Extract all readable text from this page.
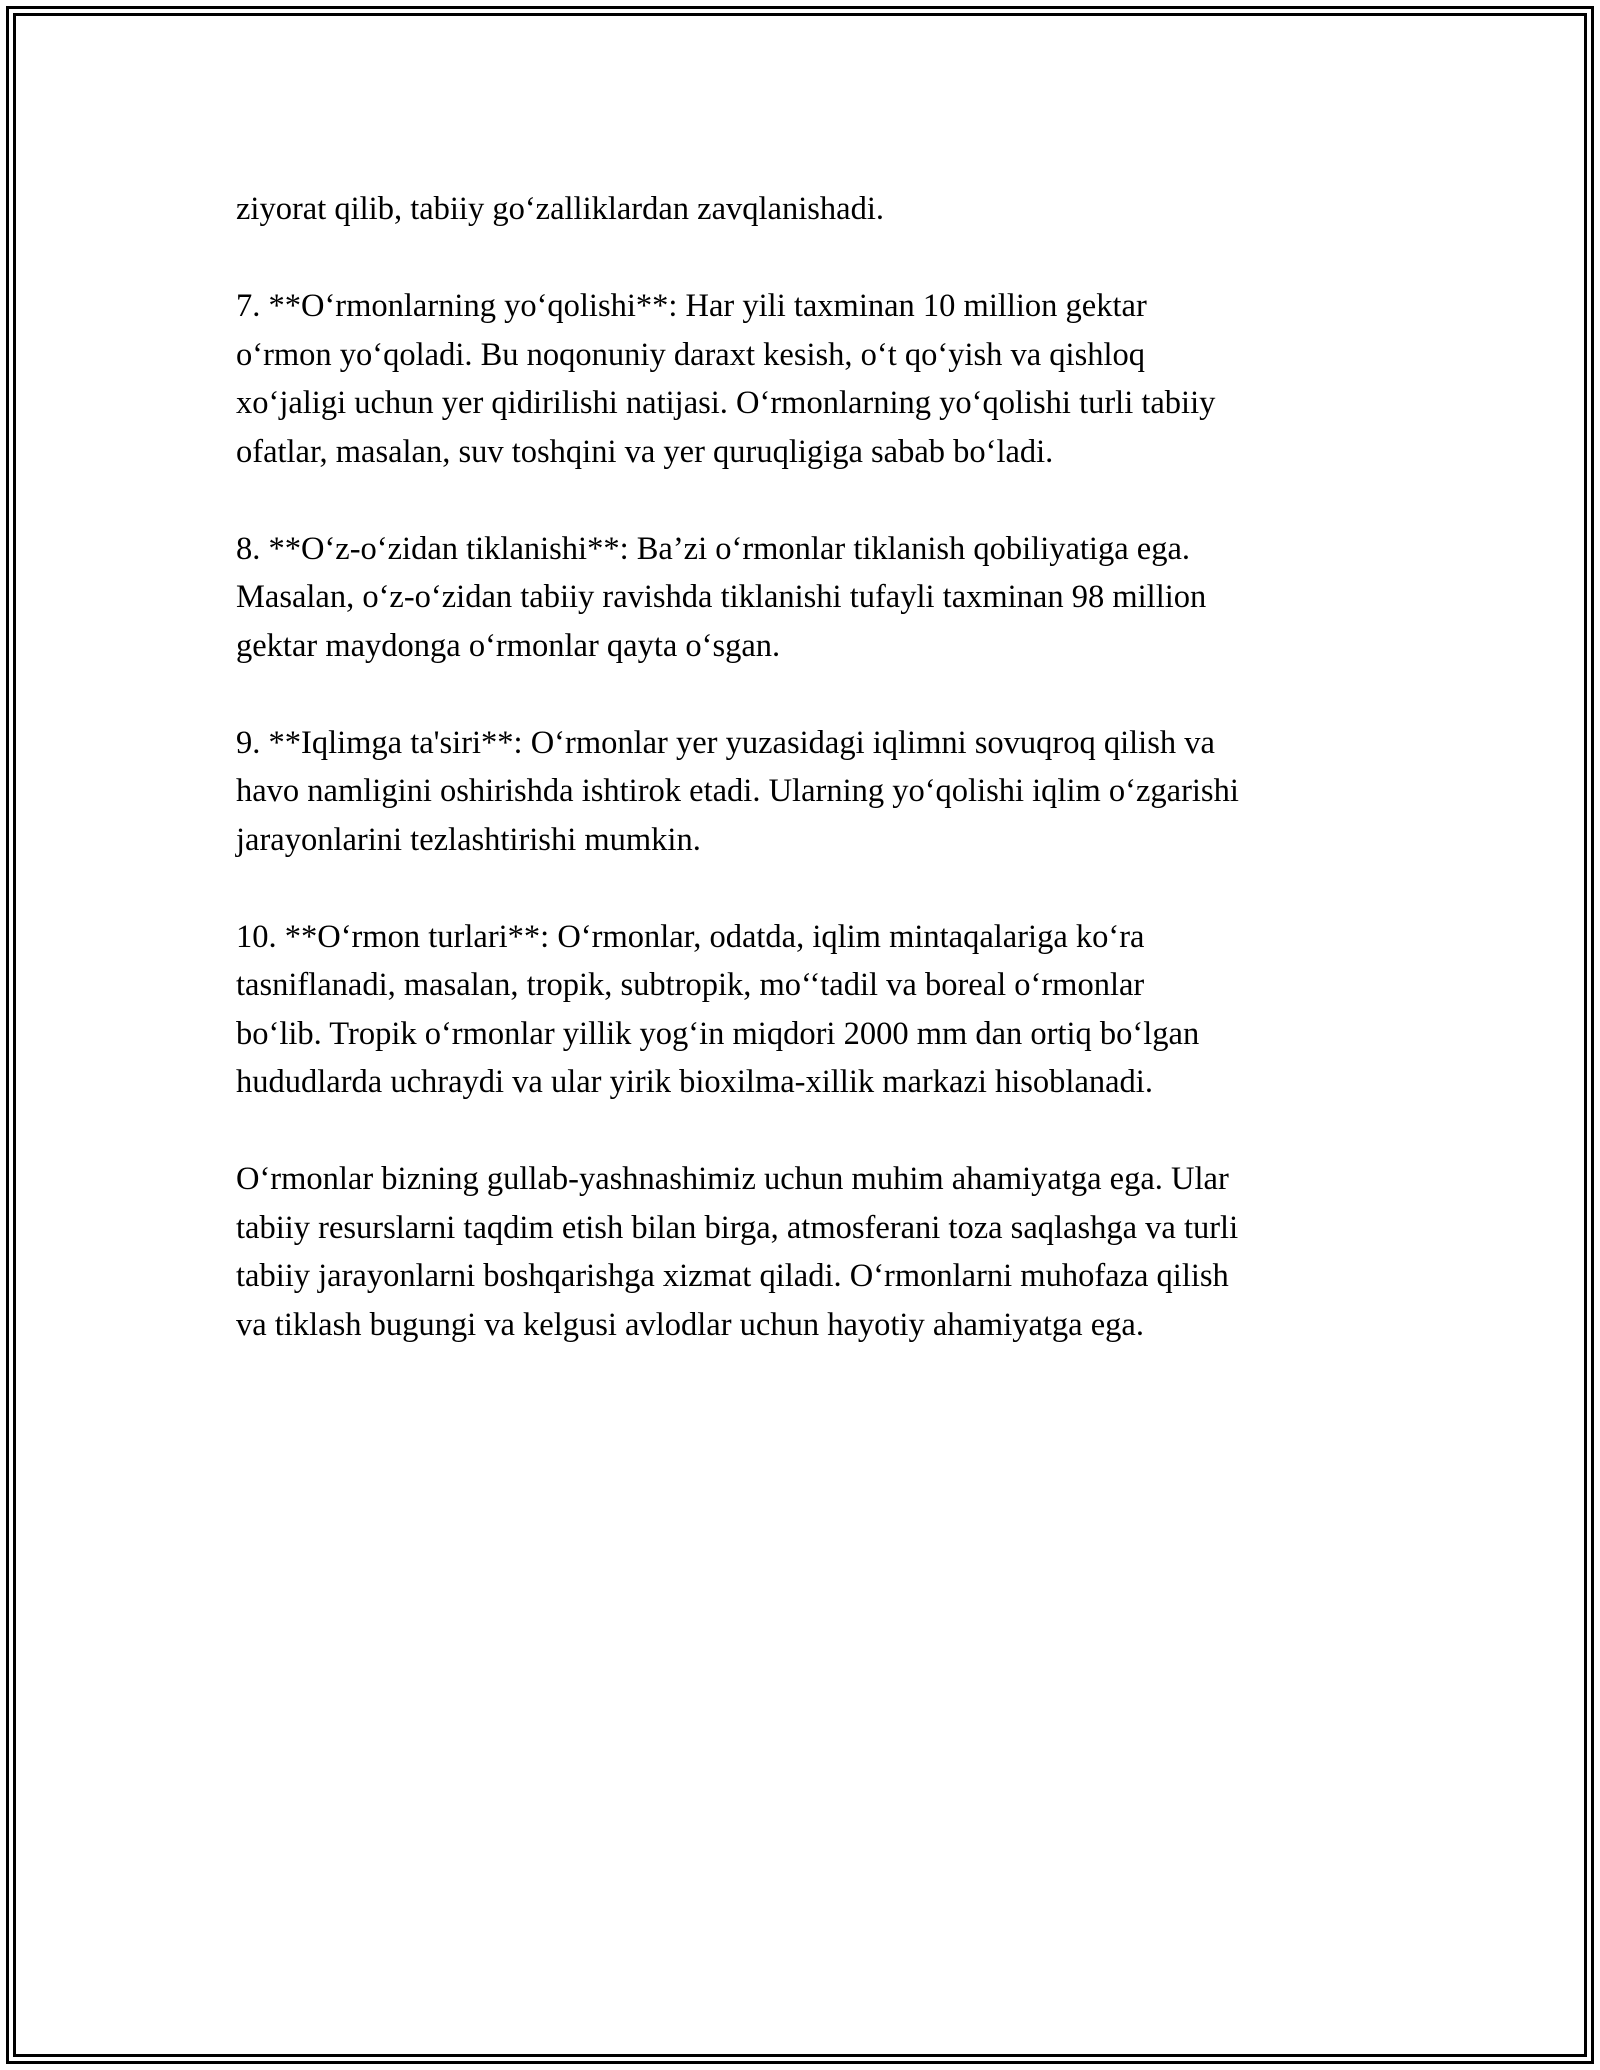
ziyorat qilib, tabiiy go‘zalliklardan zavqlanishadi.

7. **O‘rmonlarning yo‘qolishi**: Har yili taxminan 10 million gektar
o‘rmon yo‘qoladi. Bu noqonuniy daraxt kesish, o‘t qo‘yish va qishloq
xo‘jaligi uchun yer qidirilishi natijasi. O‘rmonlarning yo‘qolishi turli tabiiy
ofatlar, masalan, suv toshqini va yer quruqligiga sabab bo‘ladi.

8. **O‘z-o‘zidan tiklanishi**: Ba’zi o‘rmonlar tiklanish qobiliyatiga ega.
Masalan, o‘z-o‘zidan tabiiy ravishda tiklanishi tufayli taxminan 98 million
gektar maydonga o‘rmonlar qayta o‘sgan.

9. **Iqlimga ta'siri**: O‘rmonlar yer yuzasidagi iqlimni sovuqroq qilish va
havo namligini oshirishda ishtirok etadi. Ularning yo‘qolishi iqlim o‘zgarishi
jarayonlarini tezlashtirishi mumkin.

10. **O‘rmon turlari**: O‘rmonlar, odatda, iqlim mintaqalariga ko‘ra
tasniflanadi, masalan, tropik, subtropik, mo‘‘tadil va boreal o‘rmonlar
bo‘lib. Tropik o‘rmonlar yillik yog‘in miqdori 2000 mm dan ortiq bo‘lgan
hududlarda uchraydi va ular yirik bioxilma-xillik markazi hisoblanadi.

O‘rmonlar bizning gullab-yashnashimiz uchun muhim ahamiyatga ega. Ular
tabiiy resurslarni taqdim etish bilan birga, atmosferani toza saqlashga va turli
tabiiy jarayonlarni boshqarishga xizmat qiladi. O‘rmonlarni muhofaza qilish
va tiklash bugungi va kelgusi avlodlar uchun hayotiy ahamiyatga ega.
